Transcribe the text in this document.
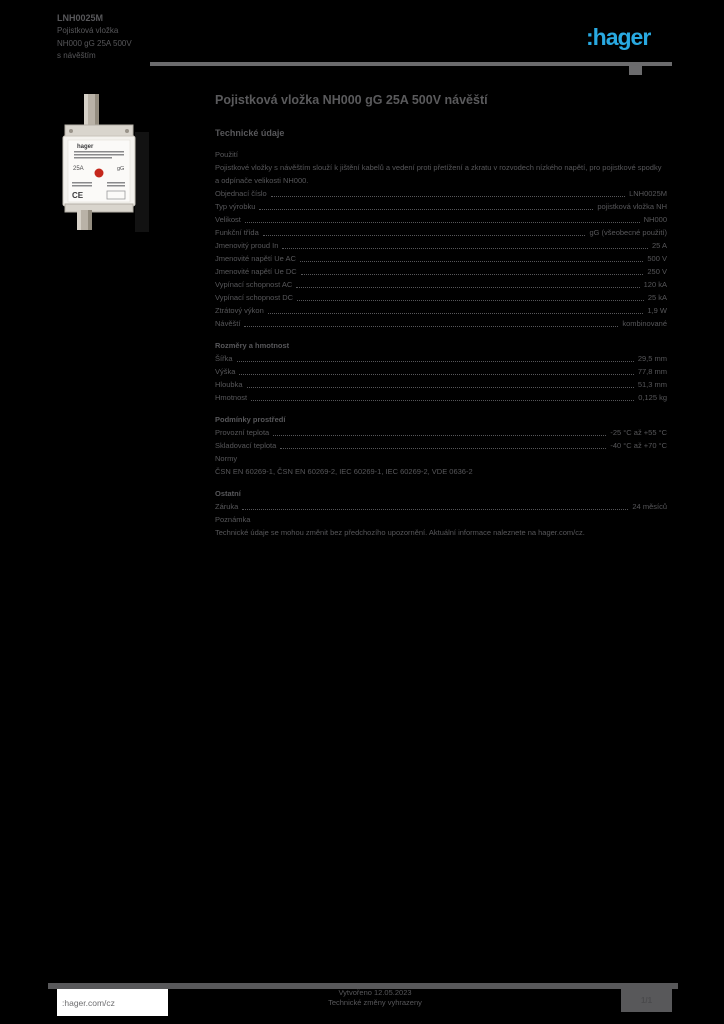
LNH0025M
Pojistková vložka
NH000 gG 25A 500V
s návěštím
:hager
hager
25A	gG
CE
Pojistková vložka NH000 gG 25A 500V návěští
Technické údaje
Použití
Pojistkové vložky s návěštím slouží k jištění kabelů a vedení proti přetížení a zkratu v rozvodech nízkého napětí, pro pojistkové spodky a odpínače velikosti NH000.
Objednací číslo	LNH0025M
Typ výrobku	pojistková vložka NH
Velikost	NH000
Funkční třída	gG (všeobecné použití)
Jmenovitý proud In	25 A
Jmenovité napětí Ue AC	500 V
Jmenovité napětí Ue DC	250 V
Vypínací schopnost AC	120 kA
Vypínací schopnost DC	25 kA
Ztrátový výkon	1,9 W
Návěští	kombinované
Rozměry a hmotnost
Šířka	29,5 mm
Výška	77,8 mm
Hloubka	51,3 mm
Hmotnost	0,125 kg
Podmínky prostředí
Provozní teplota	-25 °C až +55 °C
Skladovací teplota	-40 °C až +70 °C
Normy
ČSN EN 60269-1, ČSN EN 60269-2, IEC 60269-1, IEC 60269-2, VDE 0636-2
Ostatní
Záruka	24 měsíců
Poznámka
Technické údaje se mohou změnit bez předchozího upozornění. Aktuální informace naleznete na hager.com/cz.
:hager.com/cz
Vytvořeno 12.05.2023
Technické změny vyhrazeny	1/1
